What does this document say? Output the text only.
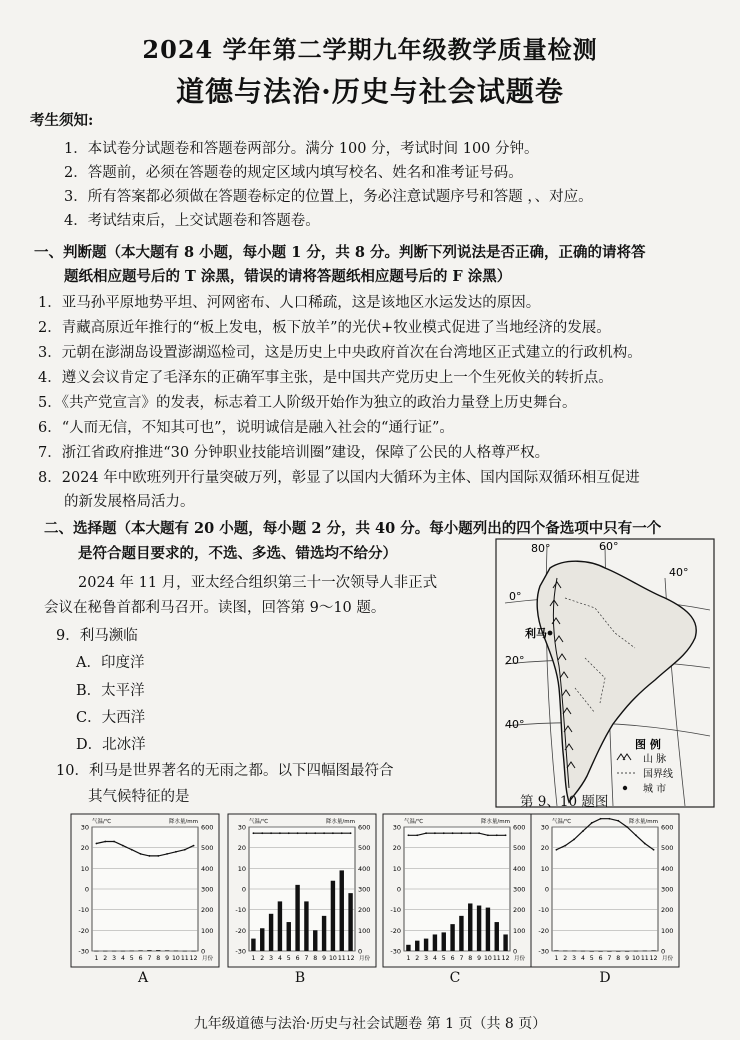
2024 学年第二学期九年级教学质量检测
道德与法治·历史与社会试题卷
考生须知:
1．本试卷分试题卷和答题卷两部分。满分 100 分，考试时间 100 分钟。
2．答题前，必须在答题卷的规定区域内填写校名、姓名和准考证号码。
3．所有答案都必须做在答题卷标定的位置上，务必注意试题序号和答题 ，、对应。
4．考试结束后，上交试题卷和答题卷。
一、判断题（本大题有 8 小题，每小题 1 分，共 8 分。判断下列说法是否正确，正确的请将答
题纸相应题号后的 T 涂黑，错误的请将答题纸相应题号后的 F 涂黑）
1．亚马孙平原地势平坦、河网密布、人口稀疏，这是该地区水运发达的原因。
2．青藏高原近年推行的“板上发电，板下放羊”的光伏+牧业模式促进了当地经济的发展。
3．元朝在澎湖岛设置澎湖巡检司，这是历史上中央政府首次在台湾地区正式建立的行政机构。
4．遵义会议肯定了毛泽东的正确军事主张，是中国共产党历史上一个生死攸关的转折点。
5．《共产党宣言》的发表，标志着工人阶级开始作为独立的政治力量登上历史舞台。
6．“人而无信，不知其可也”，说明诚信是融入社会的“通行证”。
7．浙江省政府推进“30 分钟职业技能培训圈”建设，保障了公民的人格尊严权。
8．2024 年中欧班列开行量突破万列，彰显了以国内大循环为主体、国内国际双循环相互促进
的新发展格局活力。
二、选择题（本大题有 20 小题，每小题 2 分，共 40 分。每小题列出的四个备选项中只有一个
是符合题目要求的，不选、多选、错选均不给分）
2024 年 11 月，亚太经合组织第三十一次领导人非正式
会议在秘鲁首都利马召开。读图，回答第 9～10 题。
9．利马濒临
A．印度洋
B．太平洋
C．大西洋
D．北冰洋
10．利马是世界著名的无雨之都。以下四幅图最符合
其气候特征的是
利马
80°	60°
40°
0°
20°
40°
图 例
山 脉
国界线
城 市
第 9、10 题图
30	600
20	500
10	400
0	300
-10	200
-20	100
-30	0
气温/℃	降水量/mm
1 2 3 4 5 6 7 8 9 10 11 12 月份
30	600
20	500
10	400
0	300
-10	200
-20	100
-30	0
气温/℃	降水量/mm
1 2 3 4 5 6 7 8 9 10 11 12 月份
30	600
20	500
10	400
0	300
-10	200
-20	100
-30	0
气温/℃	降水量/mm
1 2 3 4 5 6 7 8 9 10 11 12 月份
30	600
20	500
10	400
0	300
-10	200
-20	100
-30	0
气温/℃	降水量/mm
1 2 3 4 5 6 7 8 9 10 11 12 月份
A	B	C	D
九年级道德与法治·历史与社会试题卷 第 1 页（共 8 页）
